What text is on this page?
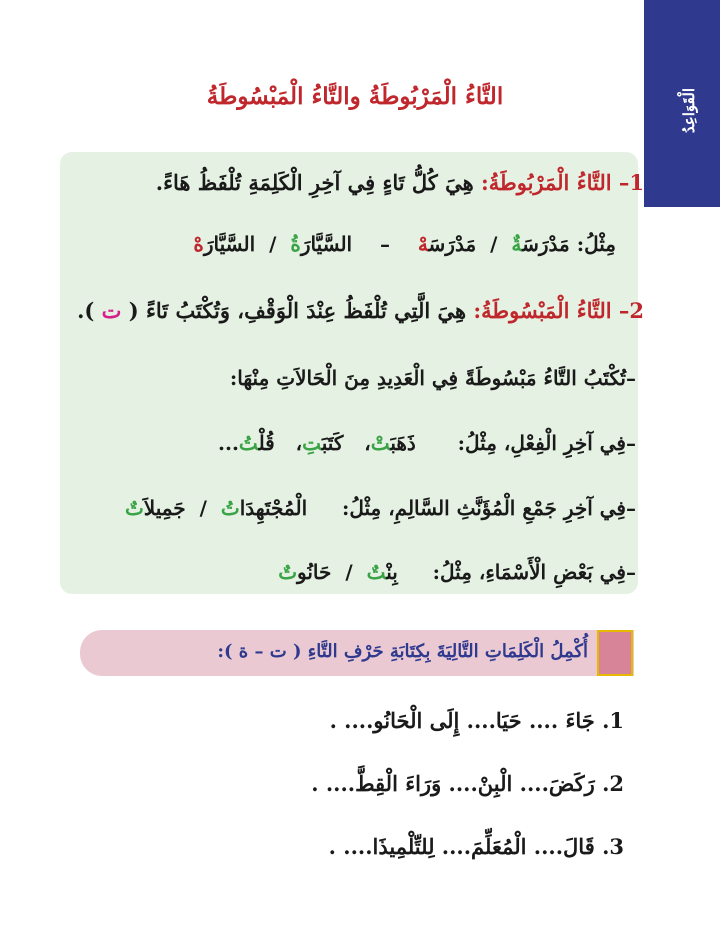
الْقَوَاعِدُ
التَّاءُ الْمَرْبُوطَةُ والتَّاءُ الْمَبْسُوطَةُ
1– التَّاءُ الْمَرْبُوطَةُ: هِيَ كُلُّ تَاءٍ فِي آخِرِ الْكَلِمَةِ تُلْفَظُ هَاءً.
مِثْلُ: مَدْرَسَةٌ  /  مَدْرَسَهْ    –    السَّيَّارَةُ  /  السَّيَّارَهْ
2– التَّاءُ الْمَبْسُوطَةُ: هِيَ الَّتِي تُلْفَظُ عِنْدَ الْوَقْفِ، وَتُكْتَبُ تَاءً ( ت ).
–تُكْتَبُ التَّاءُ مَبْسُوطَةً فِي الْعَدِيدِ مِنَ الْحَالاَتِ مِنْهَا:
–فِي آخِرِ الْفِعْلِ، مِثْلُ:      ذَهَبَتْ،   كَتَبَتِ،   قُلْتُ...
–فِي آخِرِ جَمْعِ الْمُؤَنَّثِ السَّالِمِ، مِثْلُ:     الْمُجْتَهِدَاتُ  /  جَمِيلاَتٌ
–فِي بَعْضِ الْأَسْمَاءِ، مِثْلُ:     بِنْتٌ  /  حَانُوتٌ
أُكْمِلُ الْكَلِمَاتِ التَّالِيَةَ بِكِتَابَةِ حَرْفِ التَّاءِ ( ت – ة ):
1. جَاءَ .... حَيَا.... إِلَى الْحَانُو.... .
2. رَكَضَ.... الْبِنْ.... وَرَاءَ الْقِطَّ.... .
3. قَالَ.... الْمُعَلِّمَ.... لِلتِّلْمِيذَا.... .
